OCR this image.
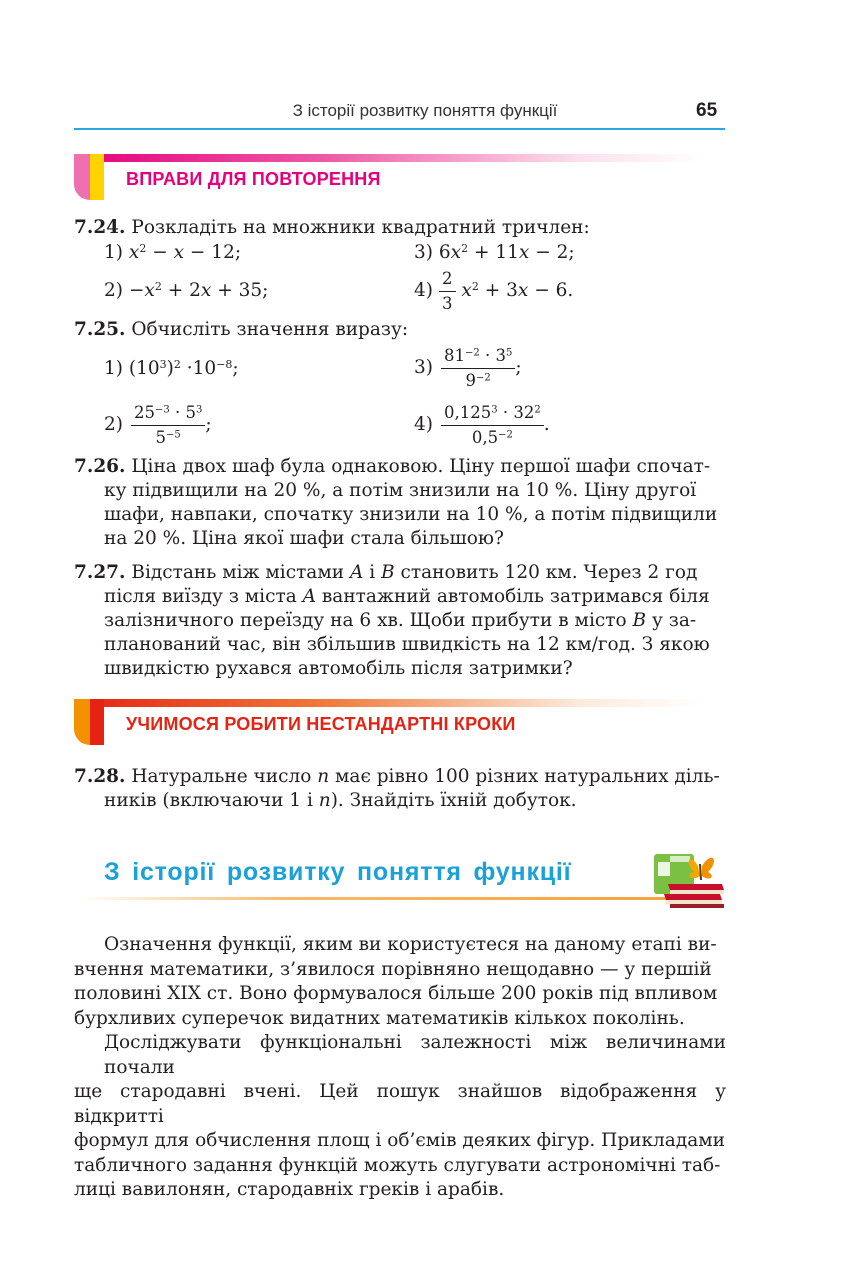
З історії розвитку поняття функції	65
ВПРАВИ ДЛЯ ПОВТОРЕННЯ
7.24. Розкладіть на множники квадратний тричлен:
1) $x^2 - x - 12$;	3) $6x^2 + 11x - 2$;
$2) -x^2 + 2x + 35$;	$4) \frac{2}{3} x^2 + 3x - 6$.
7.25. Обчисліть значення виразу:
1) $(10^3)^2 \cdot 10^{-8}$;	$3) \frac{81^{-2} \cdot 3^5}{9^{-2}}$ ;
$2) \frac{25^{-3} \cdot 5^3}{5^{-5}}$ ;	$4) \frac{0,125^3 \cdot 32^2}{0,5^{-2}}$ .
7.26. Ціна двох шаф була однаковою. Ціну першої шафи спочат-
ку підвищили на 20 %, а потім знизили на 10 %. Ціну другої
шафи, навпаки, спочатку знизили на 10 %, а потім підвищили
на 20 %. Ціна якої шафи стала більшою?
7.27. Відстань між містами A і B становить 120 км. Через 2 год
після виїзду з міста A вантажний автомобіль затримався біля
залізничного переїзду на 6 хв. Щоби прибути в місто B у за-
планований час, він збільшив швидкість на 12 км/год. З якою
швидкістю рухався автомобіль після затримки?
УЧИМОСЯ РОБИТИ НЕСТАНДАРТНІ КРОКИ
7.28. Натуральне число n має рівно 100 різних натуральних діль-
ників (включаючи 1 і n). Знайдіть їхній добуток.
З історії розвитку поняття функції
Означення функції, яким ви користуєтеся на даному етапі ви-
вчення математики, з’явилося порівняно нещодавно — у першій
половині XIX ст. Воно формувалося більше 200 років під впливом
бурхливих суперечок видатних математиків кількох поколінь.
Досліджувати функціональні залежності між величинами почали
ще стародавні вчені. Цей пошук знайшов відображення у відкритті
формул для обчислення площ і об’ємів деяких фігур. Прикладами
табличного задання функцій можуть слугувати астрономічні таб-
лиці вавилонян, стародавніх греків і арабів.
